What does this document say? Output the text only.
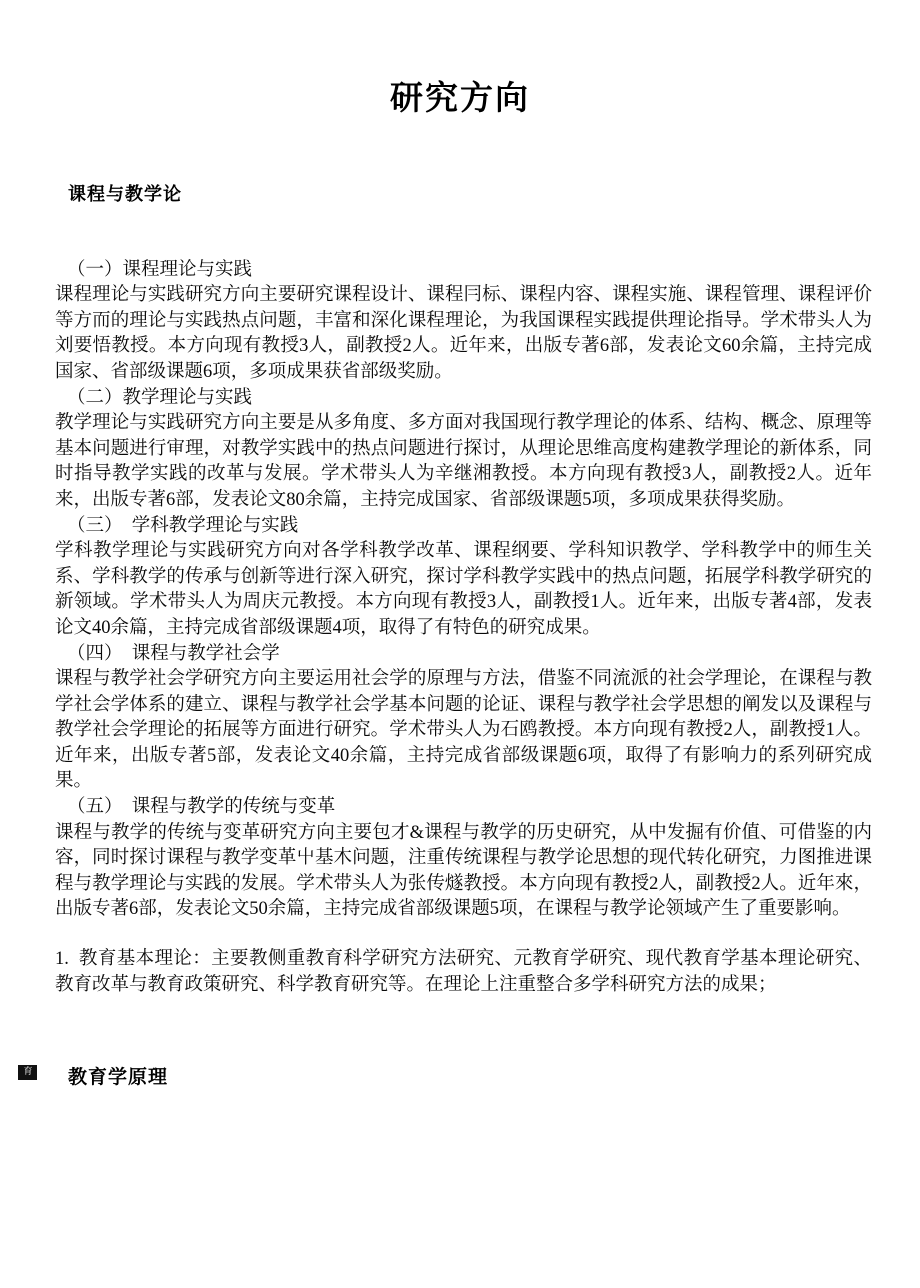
研究方向
课程与教学论

（一）课程理论与实践

课程理论与实践研究方向主要研究课程设计、课程冃标、课程内容、课程实施、课程管理、课程评价等方而的理论与实践热点问题，丰富和深化课程理论，为我国课程实践提供理论指导。学术带头人为刘要悟教授。本方向现有教授3人，副教授2人。近年来，出版专著6部，发表论文60余篇，主持完成国家、省部级课题6项，多项成果获省部级奖励。

（二）教学理论与实践

教学理论与实践研究方向主要是从多角度、多方面对我国现行教学理论的体系、结构、概念、原理等基本问题进行审理，对教学实践中的热点问题进行探讨，从理论思维高度构建教学理论的新体系，同时指导教学实践的改革与发展。学术带头人为辛继湘教授。本方向现有教授3人，副教授2人。近年来，出版专著6部，发表论文80余篇，主持完成国家、省部级课题5项，多项成果获得奖励。

（三）　学科教学理论与实践

学科教学理论与实践研究方向对各学科教学改革、课程纲要、学科知识教学、学科教学中的师生关系、学科教学的传承与创新等进行深入研究，探讨学科教学实践中的热点问题，拓展学科教学研究的新领域。学术带头人为周庆元教授。本方向现有教授3人，副教授1人。近年来，出版专著4部，发表论文40余篇，主持完成省部级课题4项，取得了有特色的研究成果。

（四）　课程与教学社会学

课程与教学社会学研究方向主要运用社会学的原理与方法，借鉴不同流派的社会学理论，在课程与教学社会学体系的建立、课程与教学社会学基本问题的论证、课程与教学社会学思想的阐发以及课程与教学社会学理论的拓展等方面进行研究。学术带头人为石鸥教授。本方向现有教授2人，副教授1人。近年来，出版专著5部，发表论文40余篇，主持完成省部级课题6项，取得了有影响力的系列研究成果。

（五）　课程与教学的传统与变革

课程与教学的传统与变革研究方向主要包才&课程与教学的历史研究，从中发掘有价值、可借鉴的内容，同时探讨课程与教学变革屮基木问题，注重传统课程与教学论思想的现代转化研究，力图推进课程与教学理论与实践的发展。学术带头人为张传燧教授。本方向现有教授2人，副教授2人。近年來，出版专著6部，发表论文50余篇，主持完成省部级课题5项，在课程与教学论领域产生了重要影响。

1. 教育基本理论：主要教侧重教育科学研究方法研究、元教育学研究、现代教育学基本理论研究、教育改革与教育政策研究、科学教育研究等。在理论上注重整合多学科研究方法的成果；

教育学原理
育
